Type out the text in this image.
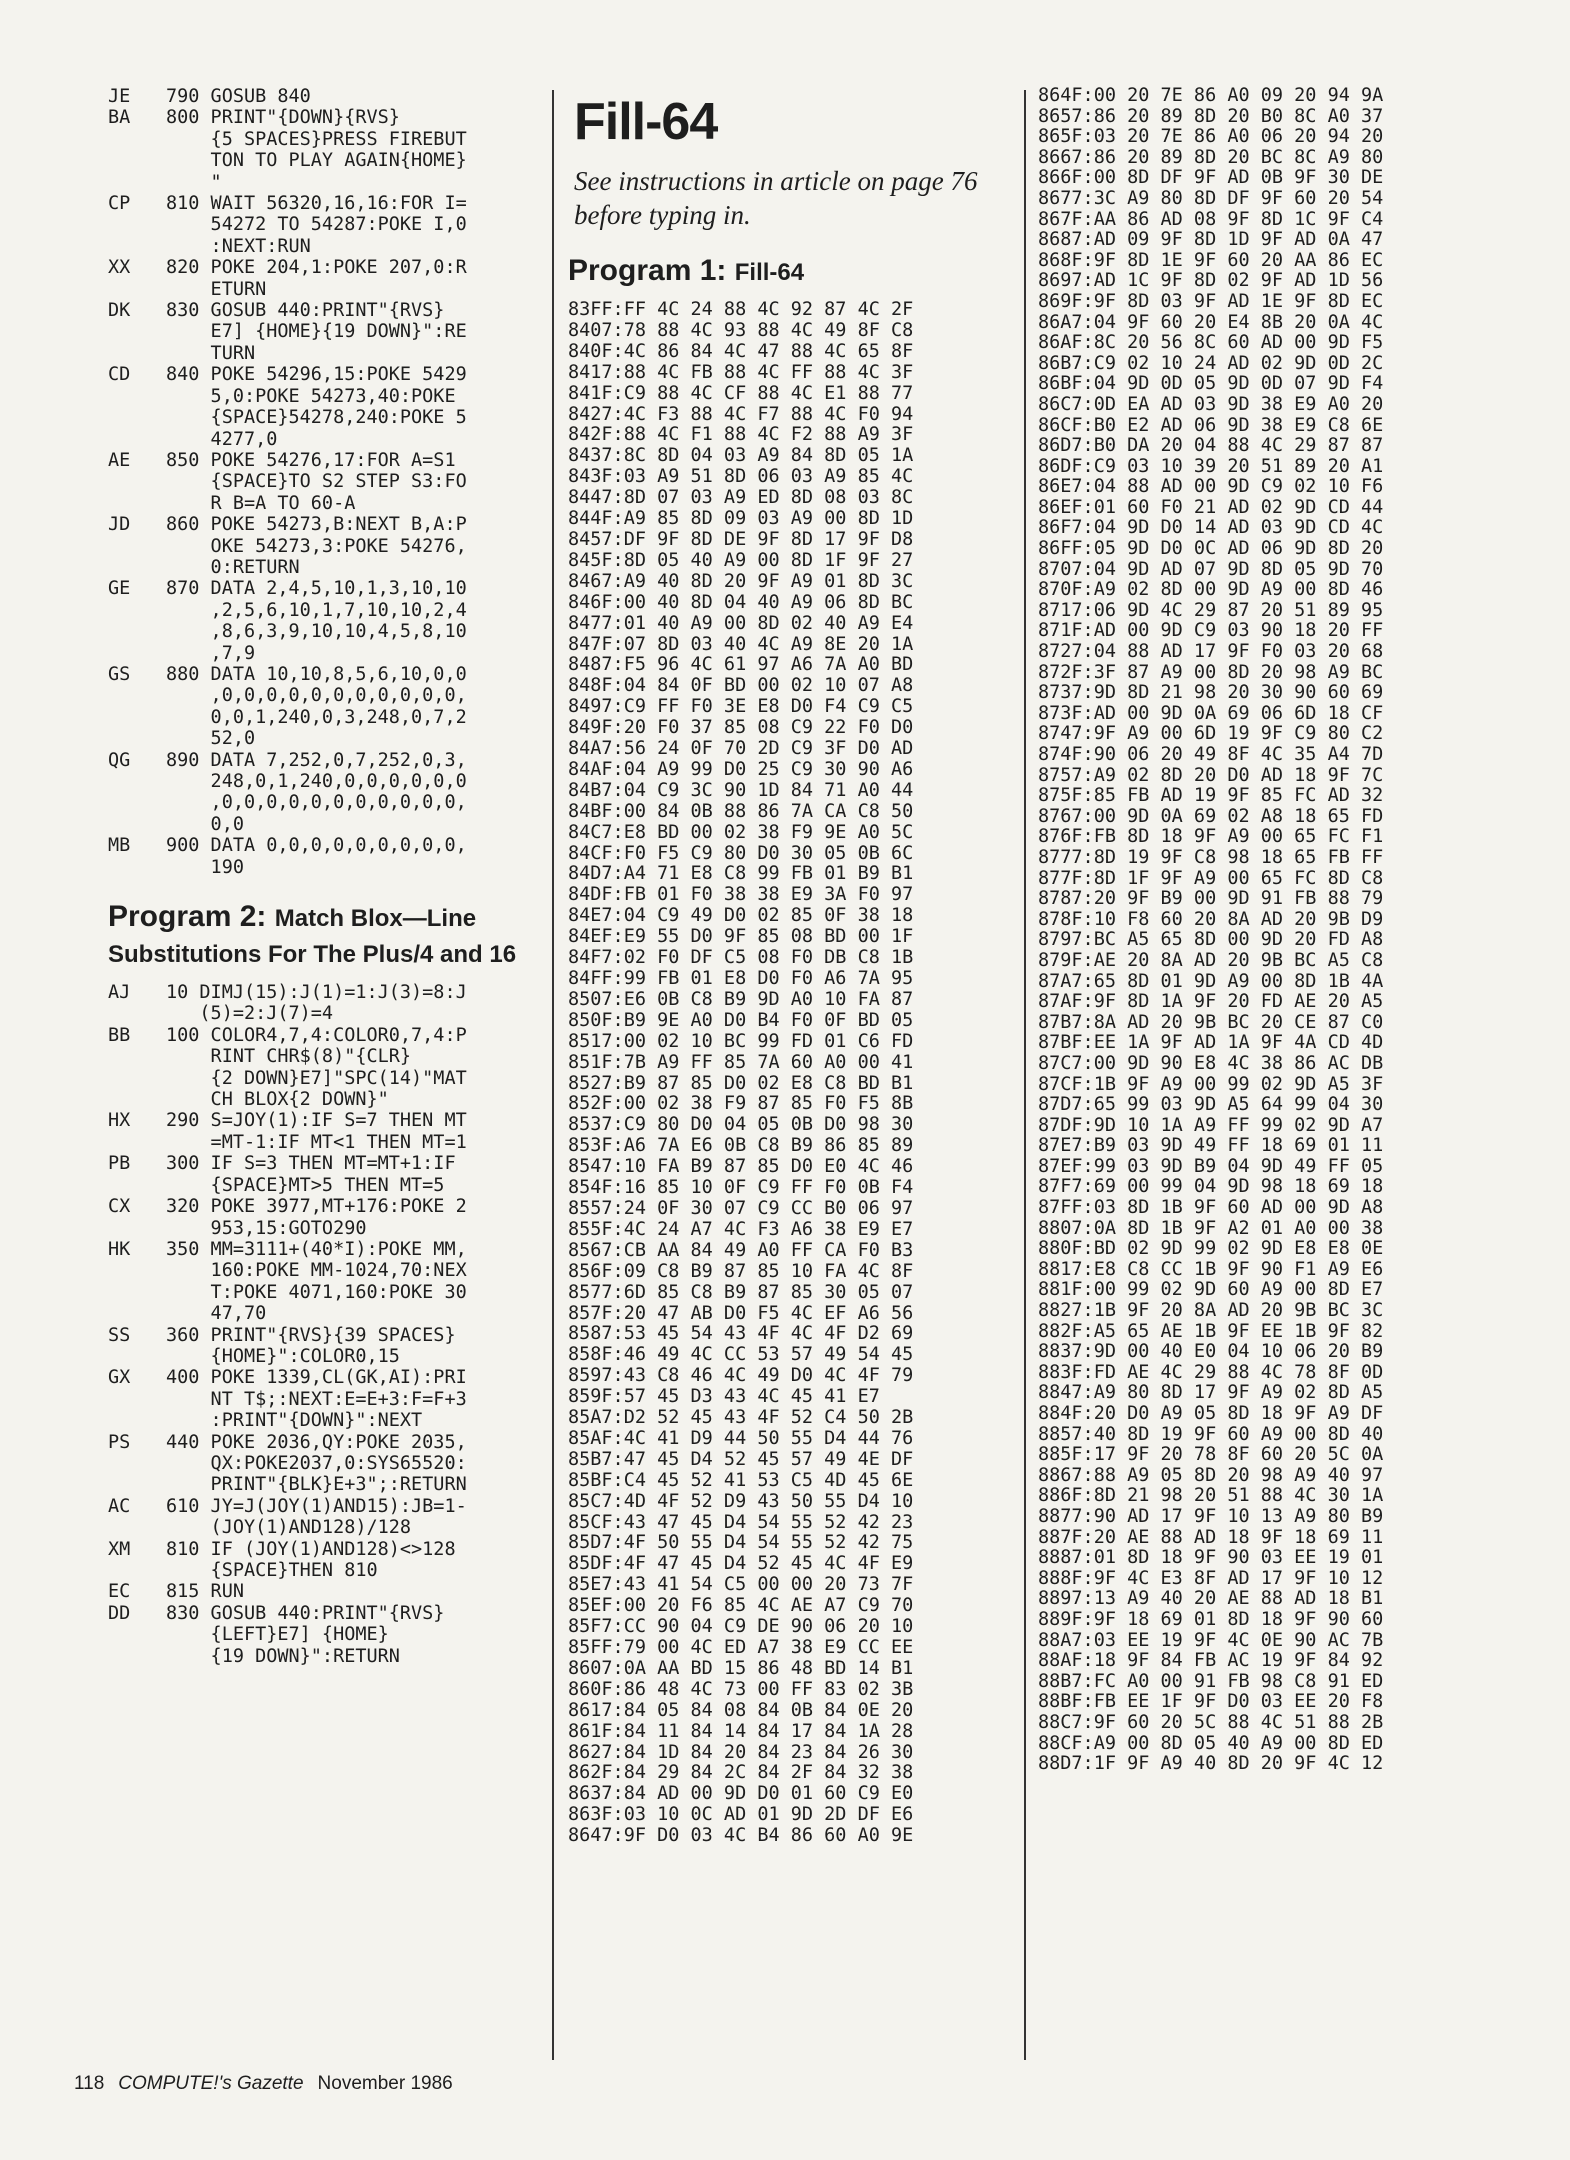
JE	790 GOSUB 840
BA	800 PRINT"{DOWN}{RVS}
{5 SPACES}PRESS FIREBUT
TON TO PLAY AGAIN{HOME}
"
CP	810 WAIT 56320,16,16:FOR I=
54272 TO 54287:POKE I,0
:NEXT:RUN
XX	820 POKE 204,1:POKE 207,0:R
ETURN
DK	830 GOSUB 440:PRINT"{RVS}
E7] {HOME}{19 DOWN}":RE
TURN
CD	840 POKE 54296,15:POKE 5429
5,0:POKE 54273,40:POKE
{SPACE}54278,240:POKE 5
4277,0
AE	850 POKE 54276,17:FOR A=S1
{SPACE}TO S2 STEP S3:FO
R B=A TO 60-A
JD	860 POKE 54273,B:NEXT B,A:P
OKE 54273,3:POKE 54276,
0:RETURN
GE	870 DATA 2,4,5,10,1,3,10,10
,2,5,6,10,1,7,10,10,2,4
,8,6,3,9,10,10,4,5,8,10
,7,9
GS	880 DATA 10,10,8,5,6,10,0,0
,0,0,0,0,0,0,0,0,0,0,0,
0,0,1,240,0,3,248,0,7,2
52,0
QG	890 DATA 7,252,0,7,252,0,3,
248,0,1,240,0,0,0,0,0,0
,0,0,0,0,0,0,0,0,0,0,0,
0,0
MB	900 DATA 0,0,0,0,0,0,0,0,0,
190
Program 2: Match Blox—Line Substitutions For The Plus/4 and 16
AJ	10 DIMJ(15):J(1)=1:J(3)=8:J
(5)=2:J(7)=4
BB	100 COLOR4,7,4:COLOR0,7,4:P
RINT CHR$(8)"{CLR}
{2 DOWN}E7]"SPC(14)"MAT
CH BLOX{2 DOWN}"
HX	290 S=JOY(1):IF S=7 THEN MT
=MT-1:IF MT<1 THEN MT=1
PB	300 IF S=3 THEN MT=MT+1:IF
{SPACE}MT>5 THEN MT=5
CX	320 POKE 3977,MT+176:POKE 2
953,15:GOTO290
HK	350 MM=3111+(40*I):POKE MM,
160:POKE MM-1024,70:NEX
T:POKE 4071,160:POKE 30
47,70
SS	360 PRINT"{RVS}{39 SPACES}
{HOME}":COLOR0,15
GX	400 POKE 1339,CL(GK,AI):PRI
NT T$;:NEXT:E=E+3:F=F+3
:PRINT"{DOWN}":NEXT
PS	440 POKE 2036,QY:POKE 2035,
QX:POKE2037,0:SYS65520:
PRINT"{BLK}E+3";:RETURN
AC	610 JY=J(JOY(1)AND15):JB=1-
(JOY(1)AND128)/128
XM	810 IF (JOY(1)AND128)<>128
{SPACE}THEN 810
EC	815 RUN
DD	830 GOSUB 440:PRINT"{RVS}
{LEFT}E7] {HOME}
{19 DOWN}":RETURN
Fill-64

See instructions in article on page 76 before typing in.

Program 1: Fill-64
83FF:FF 4C 24 88 4C 92 87 4C 2F
8407:78 88 4C 93 88 4C 49 8F C8
840F:4C 86 84 4C 47 88 4C 65 8F
8417:88 4C FB 88 4C FF 88 4C 3F
841F:C9 88 4C CF 88 4C E1 88 77
8427:4C F3 88 4C F7 88 4C F0 94
842F:88 4C F1 88 4C F2 88 A9 3F
8437:8C 8D 04 03 A9 84 8D 05 1A
843F:03 A9 51 8D 06 03 A9 85 4C
8447:8D 07 03 A9 ED 8D 08 03 8C
844F:A9 85 8D 09 03 A9 00 8D 1D
8457:DF 9F 8D DE 9F 8D 17 9F D8
845F:8D 05 40 A9 00 8D 1F 9F 27
8467:A9 40 8D 20 9F A9 01 8D 3C
846F:00 40 8D 04 40 A9 06 8D BC
8477:01 40 A9 00 8D 02 40 A9 E4
847F:07 8D 03 40 4C A9 8E 20 1A
8487:F5 96 4C 61 97 A6 7A A0 BD
848F:04 84 0F BD 00 02 10 07 A8
8497:C9 FF F0 3E E8 D0 F4 C9 C5
849F:20 F0 37 85 08 C9 22 F0 D0
84A7:56 24 0F 70 2D C9 3F D0 AD
84AF:04 A9 99 D0 25 C9 30 90 A6
84B7:04 C9 3C 90 1D 84 71 A0 44
84BF:00 84 0B 88 86 7A CA C8 50
84C7:E8 BD 00 02 38 F9 9E A0 5C
84CF:F0 F5 C9 80 D0 30 05 0B 6C
84D7:A4 71 E8 C8 99 FB 01 B9 B1
84DF:FB 01 F0 38 38 E9 3A F0 97
84E7:04 C9 49 D0 02 85 0F 38 18
84EF:E9 55 D0 9F 85 08 BD 00 1F
84F7:02 F0 DF C5 08 F0 DB C8 1B
84FF:99 FB 01 E8 D0 F0 A6 7A 95
8507:E6 0B C8 B9 9D A0 10 FA 87
850F:B9 9E A0 D0 B4 F0 0F BD 05
8517:00 02 10 BC 99 FD 01 C6 FD
851F:7B A9 FF 85 7A 60 A0 00 41
8527:B9 87 85 D0 02 E8 C8 BD B1
852F:00 02 38 F9 87 85 F0 F5 8B
8537:C9 80 D0 04 05 0B D0 98 30
853F:A6 7A E6 0B C8 B9 86 85 89
8547:10 FA B9 87 85 D0 E0 4C 46
854F:16 85 10 0F C9 FF F0 0B F4
8557:24 0F 30 07 C9 CC B0 06 97
855F:4C 24 A7 4C F3 A6 38 E9 E7
8567:CB AA 84 49 A0 FF CA F0 B3
856F:09 C8 B9 87 85 10 FA 4C 8F
8577:6D 85 C8 B9 87 85 30 05 07
857F:20 47 AB D0 F5 4C EF A6 56
8587:53 45 54 43 4F 4C 4F D2 69
858F:46 49 4C CC 53 57 49 54 45
8597:43 C8 46 4C 49 D0 4C 4F 79
859F:57 45 D3 43 4C 45 41 E7
85A7:D2 52 45 43 4F 52 C4 50 2B
85AF:4C 41 D9 44 50 55 D4 44 76
85B7:47 45 D4 52 45 57 49 4E DF
85BF:C4 45 52 41 53 C5 4D 45 6E
85C7:4D 4F 52 D9 43 50 55 D4 10
85CF:43 47 45 D4 54 55 52 42 23
85D7:4F 50 55 D4 54 55 52 42 75
85DF:4F 47 45 D4 52 45 4C 4F E9
85E7:43 41 54 C5 00 00 20 73 7F
85EF:00 20 F6 85 4C AE A7 C9 70
85F7:CC 90 04 C9 DE 90 06 20 10
85FF:79 00 4C ED A7 38 E9 CC EE
8607:0A AA BD 15 86 48 BD 14 B1
860F:86 48 4C 73 00 FF 83 02 3B
8617:84 05 84 08 84 0B 84 0E 20
861F:84 11 84 14 84 17 84 1A 28
8627:84 1D 84 20 84 23 84 26 30
862F:84 29 84 2C 84 2F 84 32 38
8637:84 AD 00 9D D0 01 60 C9 E0
863F:03 10 0C AD 01 9D 2D DF E6
8647:9F D0 03 4C B4 86 60 A0 9E
864F:00 20 7E 86 A0 09 20 94 9A
8657:86 20 89 8D 20 B0 8C A0 37
865F:03 20 7E 86 A0 06 20 94 20
8667:86 20 89 8D 20 BC 8C A9 80
866F:00 8D DF 9F AD 0B 9F 30 DE
8677:3C A9 80 8D DF 9F 60 20 54
867F:AA 86 AD 08 9F 8D 1C 9F C4
8687:AD 09 9F 8D 1D 9F AD 0A 47
868F:9F 8D 1E 9F 60 20 AA 86 EC
8697:AD 1C 9F 8D 02 9F AD 1D 56
869F:9F 8D 03 9F AD 1E 9F 8D EC
86A7:04 9F 60 20 E4 8B 20 0A 4C
86AF:8C 20 56 8C 60 AD 00 9D F5
86B7:C9 02 10 24 AD 02 9D 0D 2C
86BF:04 9D 0D 05 9D 0D 07 9D F4
86C7:0D EA AD 03 9D 38 E9 A0 20
86CF:B0 E2 AD 06 9D 38 E9 C8 6E
86D7:B0 DA 20 04 88 4C 29 87 87
86DF:C9 03 10 39 20 51 89 20 A1
86E7:04 88 AD 00 9D C9 02 10 F6
86EF:01 60 F0 21 AD 02 9D CD 44
86F7:04 9D D0 14 AD 03 9D CD 4C
86FF:05 9D D0 0C AD 06 9D 8D 20
8707:04 9D AD 07 9D 8D 05 9D 70
870F:A9 02 8D 00 9D A9 00 8D 46
8717:06 9D 4C 29 87 20 51 89 95
871F:AD 00 9D C9 03 90 18 20 FF
8727:04 88 AD 17 9F F0 03 20 68
872F:3F 87 A9 00 8D 20 98 A9 BC
8737:9D 8D 21 98 20 30 90 60 69
873F:AD 00 9D 0A 69 06 6D 18 CF
8747:9F A9 00 6D 19 9F C9 80 C2
874F:90 06 20 49 8F 4C 35 A4 7D
8757:A9 02 8D 20 D0 AD 18 9F 7C
875F:85 FB AD 19 9F 85 FC AD 32
8767:00 9D 0A 69 02 A8 18 65 FD
876F:FB 8D 18 9F A9 00 65 FC F1
8777:8D 19 9F C8 98 18 65 FB FF
877F:8D 1F 9F A9 00 65 FC 8D C8
8787:20 9F B9 00 9D 91 FB 88 79
878F:10 F8 60 20 8A AD 20 9B D9
8797:BC A5 65 8D 00 9D 20 FD A8
879F:AE 20 8A AD 20 9B BC A5 C8
87A7:65 8D 01 9D A9 00 8D 1B 4A
87AF:9F 8D 1A 9F 20 FD AE 20 A5
87B7:8A AD 20 9B BC 20 CE 87 C0
87BF:EE 1A 9F AD 1A 9F 4A CD 4D
87C7:00 9D 90 E8 4C 38 86 AC DB
87CF:1B 9F A9 00 99 02 9D A5 3F
87D7:65 99 03 9D A5 64 99 04 30
87DF:9D 10 1A A9 FF 99 02 9D A7
87E7:B9 03 9D 49 FF 18 69 01 11
87EF:99 03 9D B9 04 9D 49 FF 05
87F7:69 00 99 04 9D 98 18 69 18
87FF:03 8D 1B 9F 60 AD 00 9D A8
8807:0A 8D 1B 9F A2 01 A0 00 38
880F:BD 02 9D 99 02 9D E8 E8 0E
8817:E8 C8 CC 1B 9F 90 F1 A9 E6
881F:00 99 02 9D 60 A9 00 8D E7
8827:1B 9F 20 8A AD 20 9B BC 3C
882F:A5 65 AE 1B 9F EE 1B 9F 82
8837:9D 00 40 E0 04 10 06 20 B9
883F:FD AE 4C 29 88 4C 78 8F 0D
8847:A9 80 8D 17 9F A9 02 8D A5
884F:20 D0 A9 05 8D 18 9F A9 DF
8857:40 8D 19 9F 60 A9 00 8D 40
885F:17 9F 20 78 8F 60 20 5C 0A
8867:88 A9 05 8D 20 98 A9 40 97
886F:8D 21 98 20 51 88 4C 30 1A
8877:90 AD 17 9F 10 13 A9 80 B9
887F:20 AE 88 AD 18 9F 18 69 11
8887:01 8D 18 9F 90 03 EE 19 01
888F:9F 4C E3 8F AD 17 9F 10 12
8897:13 A9 40 20 AE 88 AD 18 B1
889F:9F 18 69 01 8D 18 9F 90 60
88A7:03 EE 19 9F 4C 0E 90 AC 7B
88AF:18 9F 84 FB AC 19 9F 84 92
88B7:FC A0 00 91 FB 98 C8 91 ED
88BF:FB EE 1F 9F D0 03 EE 20 F8
88C7:9F 60 20 5C 88 4C 51 88 2B
88CF:A9 00 8D 05 40 A9 00 8D ED
88D7:1F 9F A9 40 8D 20 9F 4C 12
118 COMPUTE!'s Gazette November 1986
